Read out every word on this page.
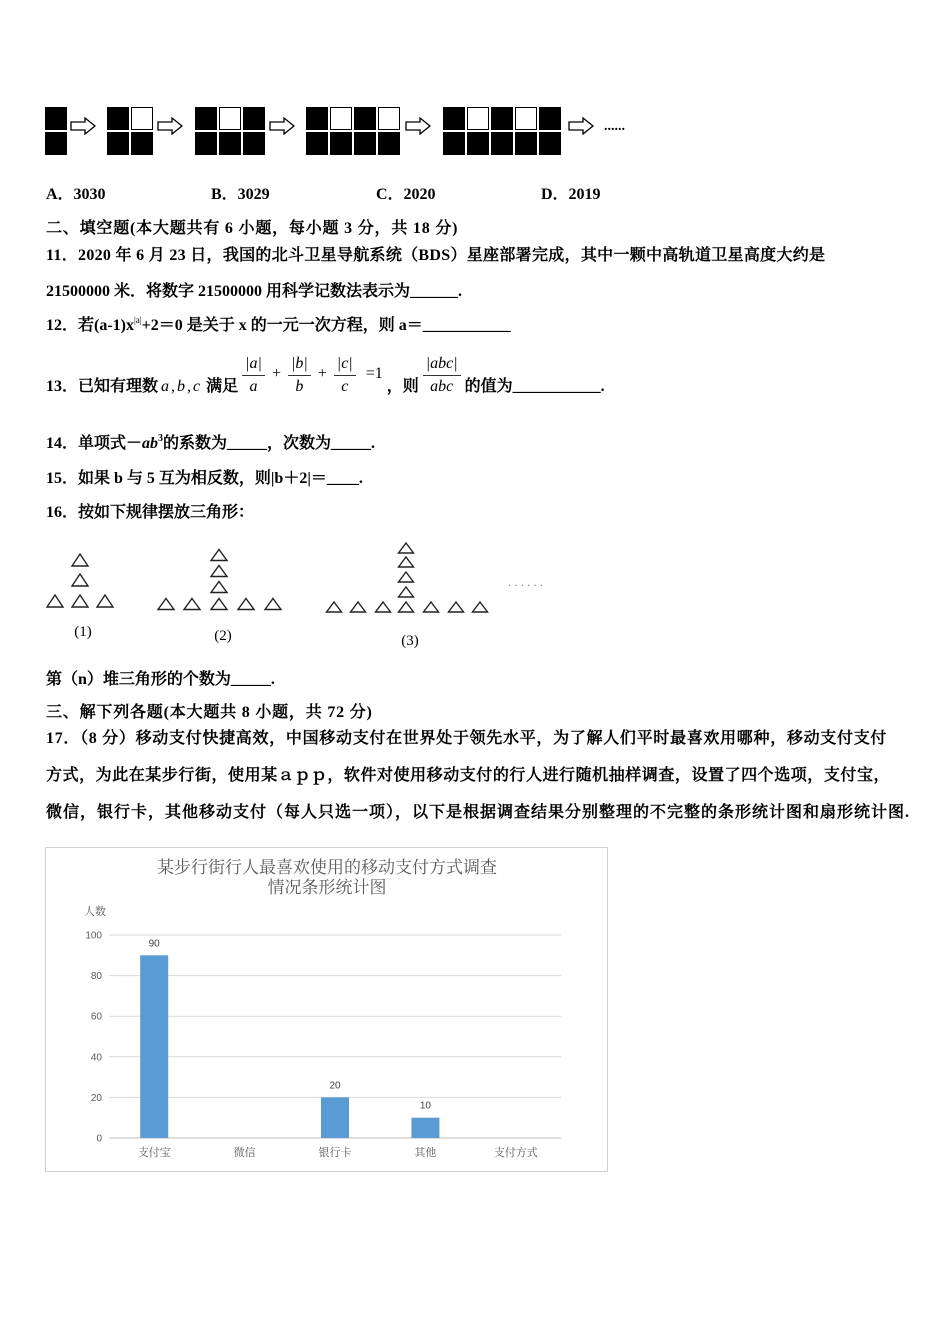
......
A．3030	B．3029	C．2020	D．2019
二、填空题(本大题共有 6 小题，每小题 3 分，共 18 分)
11．2020 年 6 月 23 日，我国的北斗卫星导航系统（BDS）星座部署完成，其中一颗中高轨道卫星高度大约是
21500000 米．将数字 21500000 用科学记数法表示为______.
12．若$(a-1)x^{|a|}+2=0$ 是关于 x 的一元一次方程，则 a＝___________
13．已知有理数 a,b,c 满足 $\frac{|a|}{a} + \frac{|b|}{b} + \frac{|c|}{c} =1$
，则 $\frac{\text{|abc|}}{\text{abc}}$ 的值为___________.
14．单项式$-ab^3$的系数为_____，次数为_____.
15．如果 b 与 5 互为相反数，则|b＋2|＝____.
16．按如下规律摆放三角形：
(1)	(2)	(3)
......
第（n）堆三角形的个数为_____.
三、解下列各题(本大题共 8 小题，共 72 分)
17．（8 分）移动支付快捷高效，中国移动支付在世界处于领先水平，为了解人们平时最喜欢用哪种，移动支付支付
方式，为此在某步行街，使用某ａｐｐ，软件对使用移动支付的行人进行随机抽样调查，设置了四个选项，支付宝，
微信，银行卡，其他移动支付（每人只选一项），以下是根据调查结果分别整理的不完整的条形统计图和扇形统计图.
某步行街行人最喜欢使用的移动支付方式调查
情况条形统计图
人数
0
20
40
60
80
100
90
支付宝	微信
20
银行卡
10
其他	支付方式
